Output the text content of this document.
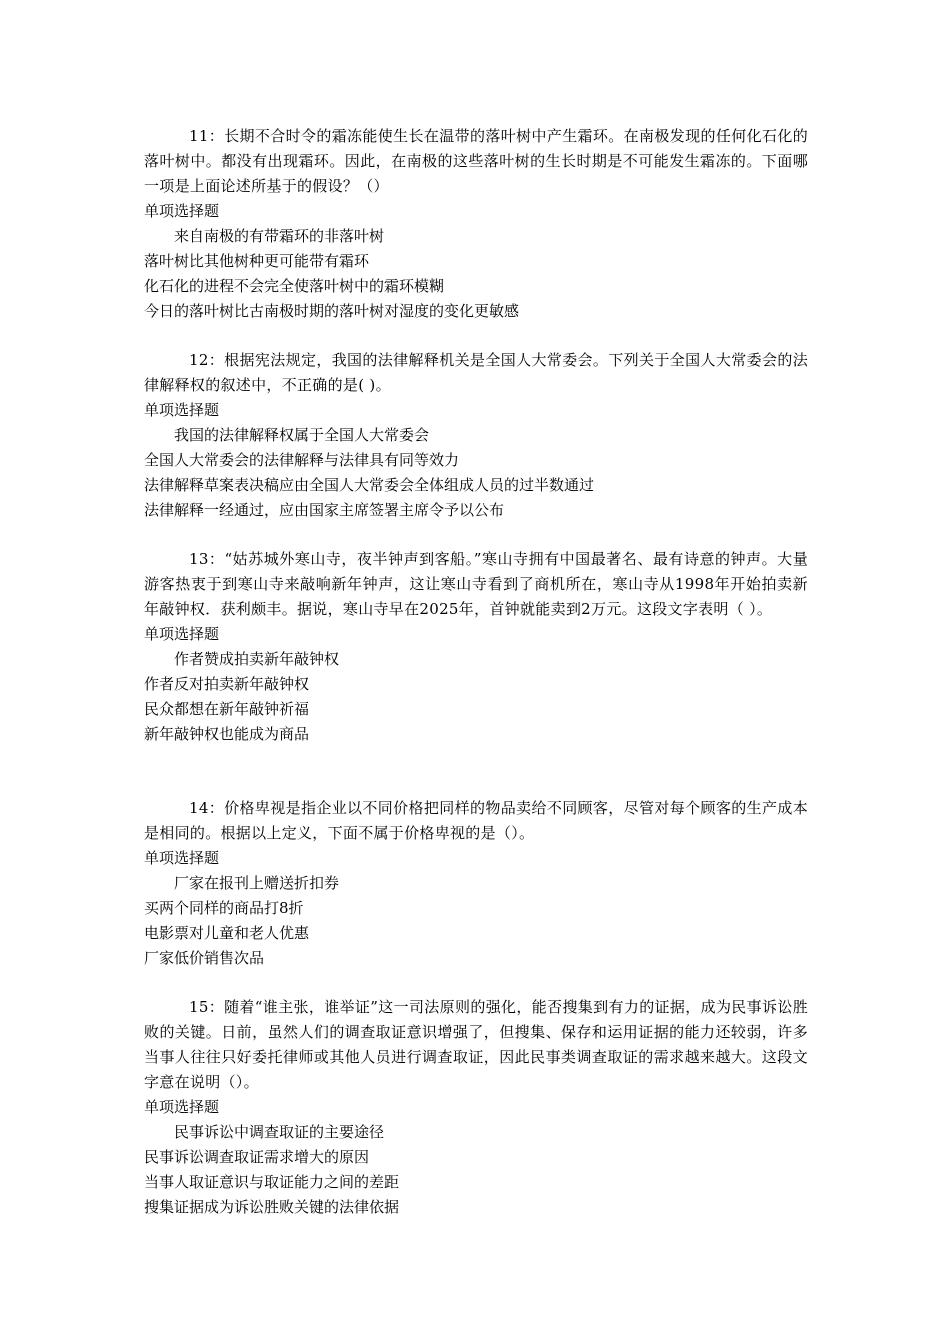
11：长期不合时令的霜冻能使生长在温带的落叶树中产生霜环。在南极发现的任何化石化的落叶树中。都没有出现霜环。因此，在南极的这些落叶树的生长时期是不可能发生霜冻的。下面哪一项是上面论述所基于的假设？（）

单项选择题

来自南极的有带霜环的非落叶树
落叶树比其他树种更可能带有霜环
化石化的进程不会完全使落叶树中的霜环模糊
今日的落叶树比古南极时期的落叶树对湿度的变化更敏感

12：根据宪法规定，我国的法律解释机关是全国人大常委会。下列关于全国人大常委会的法律解释权的叙述中，不正确的是( )。

单项选择题

我国的法律解释权属于全国人大常委会
全国人大常委会的法律解释与法律具有同等效力
法律解释草案表决稿应由全国人大常委会全体组成人员的过半数通过
法律解释一经通过，应由国家主席签署主席令予以公布

13：“姑苏城外寒山寺，夜半钟声到客船。”寒山寺拥有中国最著名、最有诗意的钟声。大量游客热衷于到寒山寺来敲响新年钟声，这让寒山寺看到了商机所在，寒山寺从1998年开始拍卖新年敲钟权．获利颇丰。据说，寒山寺早在2025年，首钟就能卖到2万元。这段文字表明（ ）。

单项选择题

作者赞成拍卖新年敲钟权
作者反对拍卖新年敲钟权
民众都想在新年敲钟祈福
新年敲钟权也能成为商品

14：价格卑视是指企业以不同价格把同样的物品卖给不同顾客，尽管对每个顾客的生产成本是相同的。根据以上定义，下面不属于价格卑视的是（）。

单项选择题

厂家在报刊上赠送折扣券
买两个同样的商品打8折
电影票对儿童和老人优惠
厂家低价销售次品

15：随着“谁主张，谁举证”这一司法原则的强化，能否搜集到有力的证据，成为民事诉讼胜败的关键。日前，虽然人们的调查取证意识增强了，但搜集、保存和运用证据的能力还较弱，许多当事人往往只好委托律师或其他人员进行调查取证，因此民事类调查取证的需求越来越大。这段文字意在说明（）。

单项选择题

民事诉讼中调查取证的主要途径
民事诉讼调查取证需求增大的原因
当事人取证意识与取证能力之间的差距
搜集证据成为诉讼胜败关键的法律依据
